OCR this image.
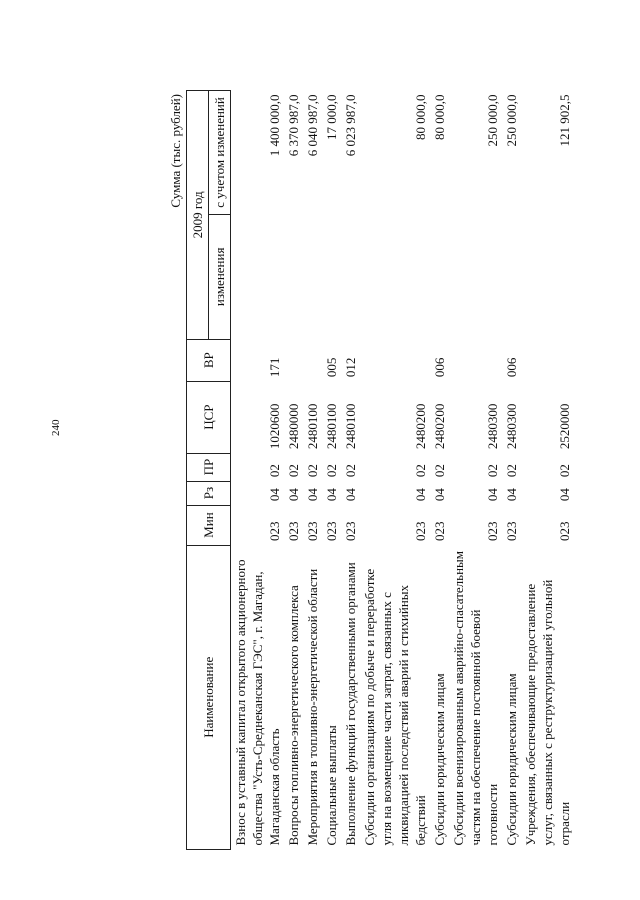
240
Сумма (тыс. рублей)
Наименование	Мин	Рз	ПР	ЦСР	ВР	2009 год	
						изменения	с учетом изменений
Взнос в уставный капитал открытого акционерного общества "Усть-Среднеканская ГЭС", г. Магадан, Магаданская область	023	04	02	1020600	171		1 400 000,0
Вопросы топливно-энергетического комплекса	023	04	02	2480000			6 370 987,0
Мероприятия в топливно-энергетической области	023	04	02	2480100			6 040 987,0
Социальные выплаты	023	04	02	2480100	005		17 000,0
Выполнение функций государственными органами	023	04	02	2480100	012		6 023 987,0
Субсидии организациям по добыче и переработке угля на возмещение части затрат, связанных с ликвидацией последствий аварий и стихийных бедствий	023	04	02	2480200			80 000,0
Субсидии юридическим лицам	023	04	02	2480200	006		80 000,0
Субсидии военизированным аварийно-спасательным частям на обеспечение постоянной боевой готовности	023	04	02	2480300			250 000,0
Субсидии юридическим лицам	023	04	02	2480300	006		250 000,0
Учреждения, обеспечивающие предоставление услуг, связанных с реструктуризацией угольной отрасли	023	04	02	2520000			121 902,5
